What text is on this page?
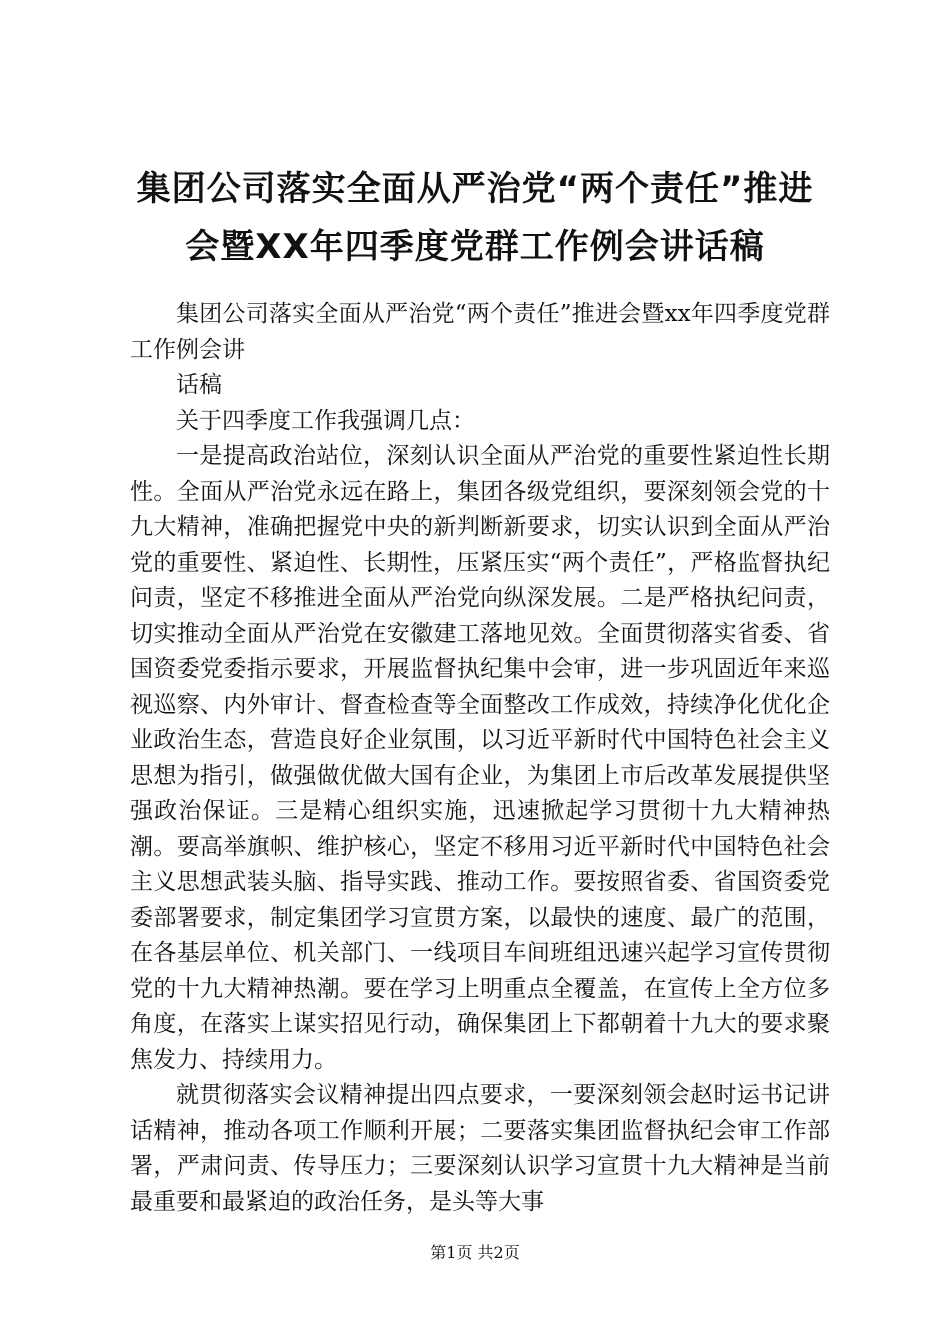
集团公司落实全面从严治党“两个责任”推进
会暨XX年四季度党群工作例会讲话稿

集团公司落实全面从严治党“两个责任”推进会暨xx年四季度党群工作例会讲

话稿

关于四季度工作我强调几点：

一是提高政治站位，深刻认识全面从严治党的重要性紧迫性长期性。全面从严治党永远在路上，集团各级党组织，要深刻领会党的十九大精神，准确把握党中央的新判断新要求，切实认识到全面从严治党的重要性、紧迫性、长期性，压紧压实“两个责任”，严格监督执纪问责，坚定不移推进全面从严治党向纵深发展。二是严格执纪问责，切实推动全面从严治党在安徽建工落地见效。全面贯彻落实省委、省国资委党委指示要求，开展监督执纪集中会审，进一步巩固近年来巡视巡察、内外审计、督查检查等全面整改工作成效，持续净化优化企业政治生态，营造良好企业氛围，以习近平新时代中国特色社会主义思想为指引，做强做优做大国有企业，为集团上市后改革发展提供坚强政治保证。三是精心组织实施，迅速掀起学习贯彻十九大精神热潮。要高举旗帜、维护核心，坚定不移用习近平新时代中国特色社会主义思想武装头脑、指导实践、推动工作。要按照省委、省国资委党委部署要求，制定集团学习宣贯方案，以最快的速度、最广的范围，在各基层单位、机关部门、一线项目车间班组迅速兴起学习宣传贯彻党的十九大精神热潮。要在学习上明重点全覆盖，在宣传上全方位多角度，在落实上谋实招见行动，确保集团上下都朝着十九大的要求聚焦发力、持续用力。

就贯彻落实会议精神提出四点要求，一要深刻领会赵时运书记讲话精神，推动各项工作顺利开展；二要落实集团监督执纪会审工作部署，严肃问责、传导压力；三要深刻认识学习宣贯十九大精神是当前最重要和最紧迫的政治任务，是头等大事

第1页 共2页
